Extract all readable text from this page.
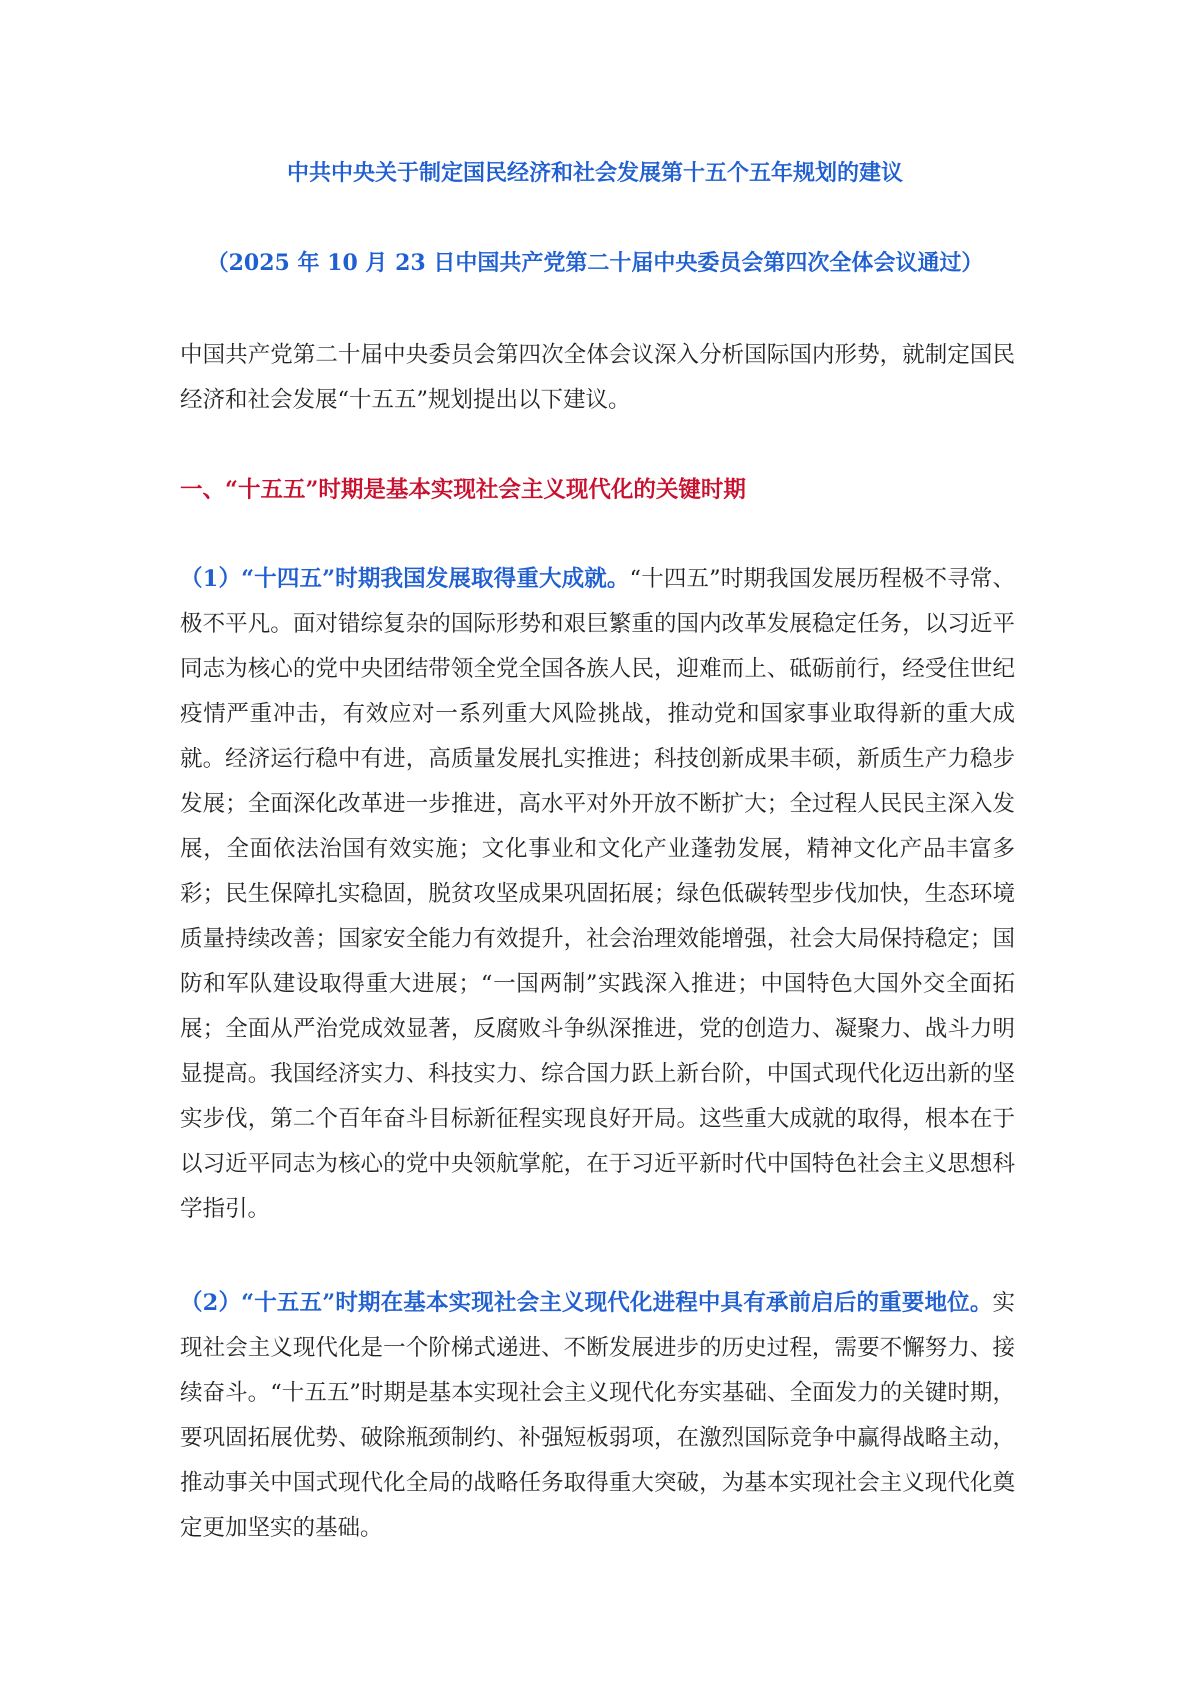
中共中央关于制定国民经济和社会发展第十五个五年规划的建议
（2025 年 10 月 23 日中国共产党第二十届中央委员会第四次全体会议通过）
中国共产党第二十届中央委员会第四次全体会议深入分析国际国内形势，就制定国民经济和社会发展“十五五”规划提出以下建议。
一、“十五五”时期是基本实现社会主义现代化的关键时期
（1）“十四五”时期我国发展取得重大成就。“十四五”时期我国发展历程极不寻常、极不平凡。面对错综复杂的国际形势和艰巨繁重的国内改革发展稳定任务，以习近平同志为核心的党中央团结带领全党全国各族人民，迎难而上、砥砺前行，经受住世纪疫情严重冲击，有效应对一系列重大风险挑战，推动党和国家事业取得新的重大成就。经济运行稳中有进，高质量发展扎实推进；科技创新成果丰硕，新质生产力稳步发展；全面深化改革进一步推进，高水平对外开放不断扩大；全过程人民民主深入发展，全面依法治国有效实施；文化事业和文化产业蓬勃发展，精神文化产品丰富多彩；民生保障扎实稳固，脱贫攻坚成果巩固拓展；绿色低碳转型步伐加快，生态环境质量持续改善；国家安全能力有效提升，社会治理效能增强，社会大局保持稳定；国防和军队建设取得重大进展；“一国两制”实践深入推进；中国特色大国外交全面拓展；全面从严治党成效显著，反腐败斗争纵深推进，党的创造力、凝聚力、战斗力明显提高。我国经济实力、科技实力、综合国力跃上新台阶，中国式现代化迈出新的坚实步伐，第二个百年奋斗目标新征程实现良好开局。这些重大成就的取得，根本在于以习近平同志为核心的党中央领航掌舵，在于习近平新时代中国特色社会主义思想科学指引。
（2）“十五五”时期在基本实现社会主义现代化进程中具有承前启后的重要地位。实现社会主义现代化是一个阶梯式递进、不断发展进步的历史过程，需要不懈努力、接续奋斗。“十五五”时期是基本实现社会主义现代化夯实基础、全面发力的关键时期，要巩固拓展优势、破除瓶颈制约、补强短板弱项，在激烈国际竞争中赢得战略主动，推动事关中国式现代化全局的战略任务取得重大突破，为基本实现社会主义现代化奠定更加坚实的基础。
